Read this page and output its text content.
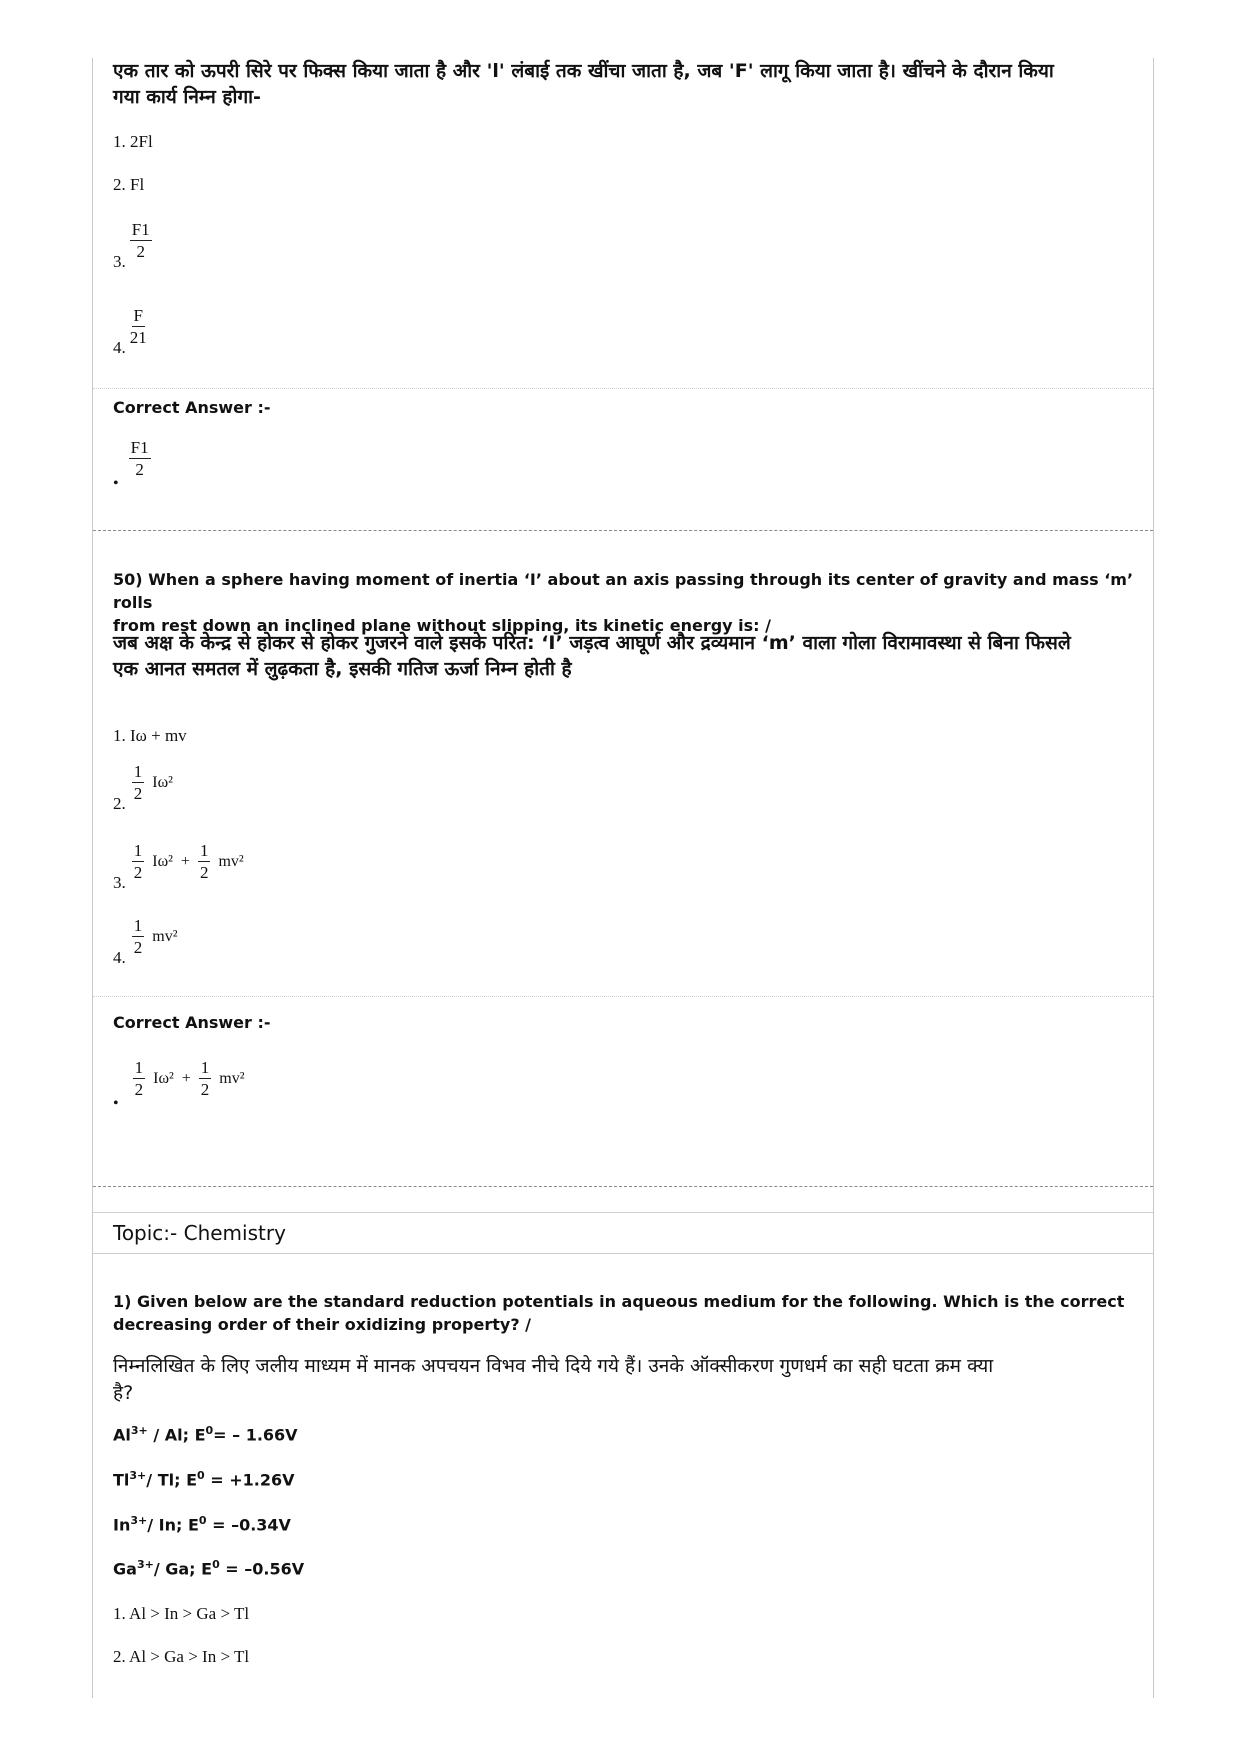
एक तार को ऊपरी सिरे पर फिक्स किया जाता है और 'l' लंबाई तक खींचा जाता है, जब 'F' लागू किया जाता है। खींचने के दौरान किया
गया कार्य निम्न होगा-
1. 2Fl
2. Fl
3.
$\frac{F1}{2}$
4.
$\frac{F}{21}$
Correct Answer :-
•
$\frac{F1}{2}$
50) When a sphere having moment of inertia ‘I’ about an axis passing through its center of gravity and mass ‘m’ rolls
from rest down an inclined plane without slipping, its kinetic energy is: /
जब अक्ष के केन्द्र से होकर से होकर गुजरने वाले इसके परित: ‘I’ जड़त्व आघूर्ण और द्रव्यमान ‘m’ वाला गोला विरामावस्था से बिना फिसले
एक आनत समतल में लुढ़कता है, इसकी गतिज ऊर्जा निम्न होती है
1. Iω + mv
2.
$\frac{1}{2} I\omega^2$
3.
$\frac{1}{2} I\omega^2 + \frac{1}{2} mv^2$
4.
$\frac{1}{2} mv^2$
Correct Answer :-
•
$\frac{1}{2} I\omega^2 + \frac{1}{2} mv^2$
Topic:- Chemistry
1) Given below are the standard reduction potentials in aqueous medium for the following. Which is the correct
decreasing order of their oxidizing property? /
निम्नलिखित के लिए जलीय माध्यम में मानक अपचयन विभव नीचे दिये गये हैं। उनके ऑक्सीकरण गुणधर्म का सही घटता क्रम क्या
है?
$Al^{3+}$ / Al; $E^0= - 1.66V$
$Tl^{3+}/$ Tl; $E^0 = +1.26V$
$In^{3+}/$ In; $E^0 = -0.34V$
$Ga^{3+}/$ Ga; $E^0 = -0.56V$
1. Al > In > Ga > Tl
2. Al > Ga > In > Tl
